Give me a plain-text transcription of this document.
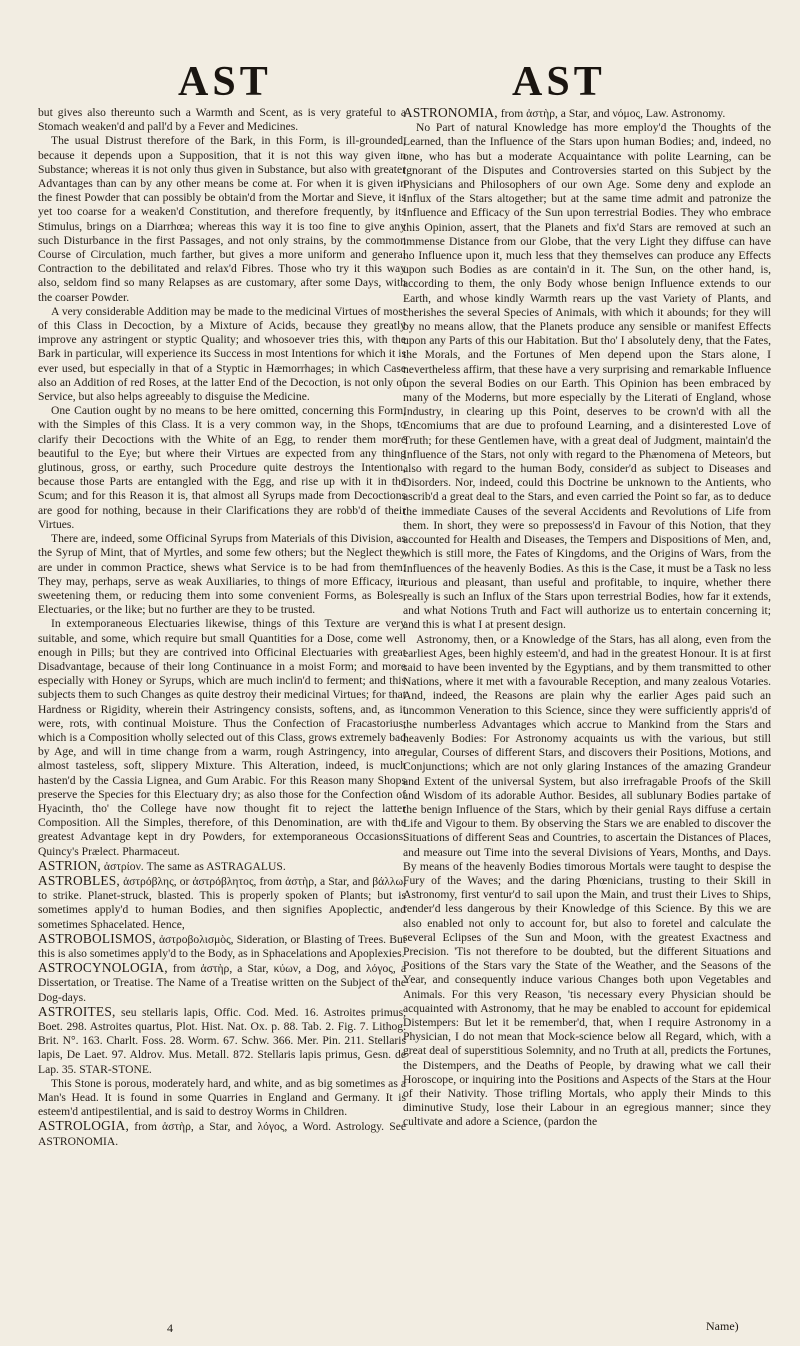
AST	AST

but gives also thereunto such a Warmth and Scent, as is very grateful to a Stomach weaken'd and pall'd by a Fever and Medicines.

The usual Distrust therefore of the Bark, in this Form, is ill-grounded, because it depends upon a Supposition, that it is not this way given in Substance; whereas it is not only thus given in Substance, but also with greater Advantages than can by any other means be come at. For when it is given in the finest Powder that can possibly be obtain'd from the Mortar and Sieve, it is yet too coarse for a weaken'd Constitution, and therefore frequently, by its Stimulus, brings on a Diarrhœa; whereas this way it is too fine to give any such Disturbance in the first Passages, and not only strains, by the common Course of Circulation, much farther, but gives a more uniform and general Contraction to the debilitated and relax'd Fibres. Those who try it this way also, seldom find so many Relapses as are customary, after some Days, with the coarser Powder.

A very considerable Addition may be made to the medicinal Virtues of most of this Class in Decoction, by a Mixture of Acids, because they greatly improve any astringent or styptic Quality; and whosoever tries this, with the Bark in particular, will experience its Success in most Intentions for which it is ever used, but especially in that of a Styptic in Hæmorrhages; in which Case also an Addition of red Roses, at the latter End of the Decoction, is not only of Service, but also helps agreeably to disguise the Medicine.

One Caution ought by no means to be here omitted, concerning this Form, with the Simples of this Class. It is a very common way, in the Shops, to clarify their Decoctions with the White of an Egg, to render them more beautiful to the Eye; but where their Virtues are expected from any thing glutinous, gross, or earthy, such Procedure quite destroys the Intention, because those Parts are entangled with the Egg, and rise up with it in the Scum; and for this Reason it is, that almost all Syrups made from Decoctions are good for nothing, because in their Clarifications they are robb'd of their Virtues.

There are, indeed, some Officinal Syrups from Materials of this Division, as the Syrup of Mint, that of Myrtles, and some few others; but the Neglect they are under in common Practice, shews what Service is to be had from them: They may, perhaps, serve as weak Auxiliaries, to things of more Efficacy, in sweetening them, or reducing them into some convenient Forms, as Boles, Electuaries, or the like; but no further are they to be trusted.

In extemporaneous Electuaries likewise, things of this Texture are very suitable, and some, which require but small Quantities for a Dose, come well enough in Pills; but they are contrived into Officinal Electuaries with great Disadvantage, because of their long Continuance in a moist Form; and more especially with Honey or Syrups, which are much inclin'd to ferment; and this subjects them to such Changes as quite destroy their medicinal Virtues; for that Hardness or Rigidity, wherein their Astringency consists, softens, and, as it were, rots, with continual Moisture. Thus the Confection of Fracastorius, which is a Composition wholly selected out of this Class, grows extremely bad by Age, and will in time change from a warm, rough Astringency, into an almost tasteless, soft, slippery Mixture. This Alteration, indeed, is much hasten'd by the Cassia Lignea, and Gum Arabic. For this Reason many Shops preserve the Species for this Electuary dry; as also those for the Confection of Hyacinth, tho' the College have now thought fit to reject the latter Composition. All the Simples, therefore, of this Denomination, are with the greatest Advantage kept in dry Powders, for extemporaneous Occasions. Quincy's Prælect. Pharmaceut.

ASTRION, ἀστρίον. The same as ASTRAGALUS.

ASTROBLES, ἀστρόβλης, or ἀστρόβλητος, from ἀστὴρ, a Star, and βάλλω, to strike. Planet-struck, blasted. This is properly spoken of Plants; but is sometimes apply'd to human Bodies, and then signifies Apoplectic, and sometimes Sphacelated. Hence,

ASTROBOLISMOS, ἀστροβολισμὸς, Sideration, or Blasting of Trees. But this is also sometimes apply'd to the Body, as in Sphacelations and Apoplexies.

ASTROCYNOLOGIA, from ἀστὴρ, a Star, κύων, a Dog, and λόγος, a Dissertation, or Treatise. The Name of a Treatise written on the Subject of the Dog-days.

ASTROITES, seu stellaris lapis, Offic. Cod. Med. 16. Astroites primus, Boet. 298. Astroites quartus, Plot. Hist. Nat. Ox. p. 88. Tab. 2. Fig. 7. Lithog. Brit. N°. 163. Charlt. Foss. 28. Worm. 67. Schw. 366. Mer. Pin. 211. Stellaris lapis, De Laet. 97. Aldrov. Mus. Metall. 872. Stellaris lapis primus, Gesn. de Lap. 35. STAR-STONE.

This Stone is porous, moderately hard, and white, and as big sometimes as a Man's Head. It is found in some Quarries in England and Germany. It is esteem'd antipestilential, and is said to destroy Worms in Children.

ASTROLOGIA, from ἀστὴρ, a Star, and λόγος, a Word. Astrology. See ASTRONOMIA.

ASTRONOMIA, from ἀστὴρ, a Star, and νόμος, Law. Astronomy.

No Part of natural Knowledge has more employ'd the Thoughts of the Learned, than the Influence of the Stars upon human Bodies; and, indeed, no one, who has but a moderate Acquaintance with polite Learning, can be ignorant of the Disputes and Controversies started on this Subject by the Physicians and Philosophers of our own Age. Some deny and explode an Influx of the Stars altogether; but at the same time admit and patronize the Influence and Efficacy of the Sun upon terrestrial Bodies. They who embrace this Opinion, assert, that the Planets and fix'd Stars are removed at such an immense Distance from our Globe, that the very Light they diffuse can have no Influence upon it, much less that they themselves can produce any Effects upon such Bodies as are contain'd in it. The Sun, on the other hand, is, according to them, the only Body whose benign Influence extends to our Earth, and whose kindly Warmth rears up the vast Variety of Plants, and cherishes the several Species of Animals, with which it abounds; for they will by no means allow, that the Planets produce any sensible or manifest Effects upon any Parts of this our Habitation. But tho' I absolutely deny, that the Fates, the Morals, and the Fortunes of Men depend upon the Stars alone, I nevertheless affirm, that these have a very surprising and remarkable Influence upon the several Bodies on our Earth. This Opinion has been embraced by many of the Moderns, but more especially by the Literati of England, whose Industry, in clearing up this Point, deserves to be crown'd with all the Encomiums that are due to profound Learning, and a disinterested Love of Truth; for these Gentlemen have, with a great deal of Judgment, maintain'd the Influence of the Stars, not only with regard to the Phænomena of Meteors, but also with regard to the human Body, consider'd as subject to Diseases and Disorders. Nor, indeed, could this Doctrine be unknown to the Antients, who ascrib'd a great deal to the Stars, and even carried the Point so far, as to deduce the immediate Causes of the several Accidents and Revolutions of Life from them. In short, they were so prepossess'd in Favour of this Notion, that they accounted for Health and Diseases, the Tempers and Dispositions of Men, and, which is still more, the Fates of Kingdoms, and the Origins of Wars, from the Influences of the heavenly Bodies. As this is the Case, it must be a Task no less curious and pleasant, than useful and profitable, to inquire, whether there really is such an Influx of the Stars upon terrestrial Bodies, how far it extends, and what Notions Truth and Fact will authorize us to entertain concerning it; and this is what I at present design.

Astronomy, then, or a Knowledge of the Stars, has all along, even from the earliest Ages, been highly esteem'd, and had in the greatest Honour. It is at first said to have been invented by the Egyptians, and by them transmitted to other Nations, where it met with a favourable Reception, and many zealous Votaries. And, indeed, the Reasons are plain why the earlier Ages paid such an uncommon Veneration to this Science, since they were sufficiently appris'd of the numberless Advantages which accrue to Mankind from the Stars and heavenly Bodies: For Astronomy acquaints us with the various, but still regular, Courses of different Stars, and discovers their Positions, Motions, and Conjunctions; which are not only glaring Instances of the amazing Grandeur and Extent of the universal System, but also irrefragable Proofs of the Skill and Wisdom of its adorable Author. Besides, all sublunary Bodies partake of the benign Influence of the Stars, which by their genial Rays diffuse a certain Life and Vigour to them. By observing the Stars we are enabled to discover the Situations of different Seas and Countries, to ascertain the Distances of Places, and measure out Time into the several Divisions of Years, Months, and Days. By means of the heavenly Bodies timorous Mortals were taught to despise the Fury of the Waves; and the daring Phœnicians, trusting to their Skill in Astronomy, first ventur'd to sail upon the Main, and trust their Lives to Ships, render'd less dangerous by their Knowledge of this Science. By this we are also enabled not only to account for, but also to foretel and calculate the several Eclipses of the Sun and Moon, with the greatest Exactness and Precision. 'Tis not therefore to be doubted, but the different Situations and Positions of the Stars vary the State of the Weather, and the Seasons of the Year, and consequently induce various Changes both upon Vegetables and Animals. For this very Reason, 'tis necessary every Physician should be acquainted with Astronomy, that he may be enabled to account for epidemical Distempers: But let it be remember'd, that, when I require Astronomy in a Physician, I do not mean that Mock-science below all Regard, which, with a great deal of superstitious Solemnity, and no Truth at all, predicts the Fortunes, the Distempers, and the Deaths of People, by drawing what we call their Horoscope, or inquiring into the Positions and Aspects of the Stars at the Hour of their Nativity. Those trifling Mortals, who apply their Minds to this diminutive Study, lose their Labour in an egregious manner; since they cultivate and adore a Science, (pardon the

4	Name)
